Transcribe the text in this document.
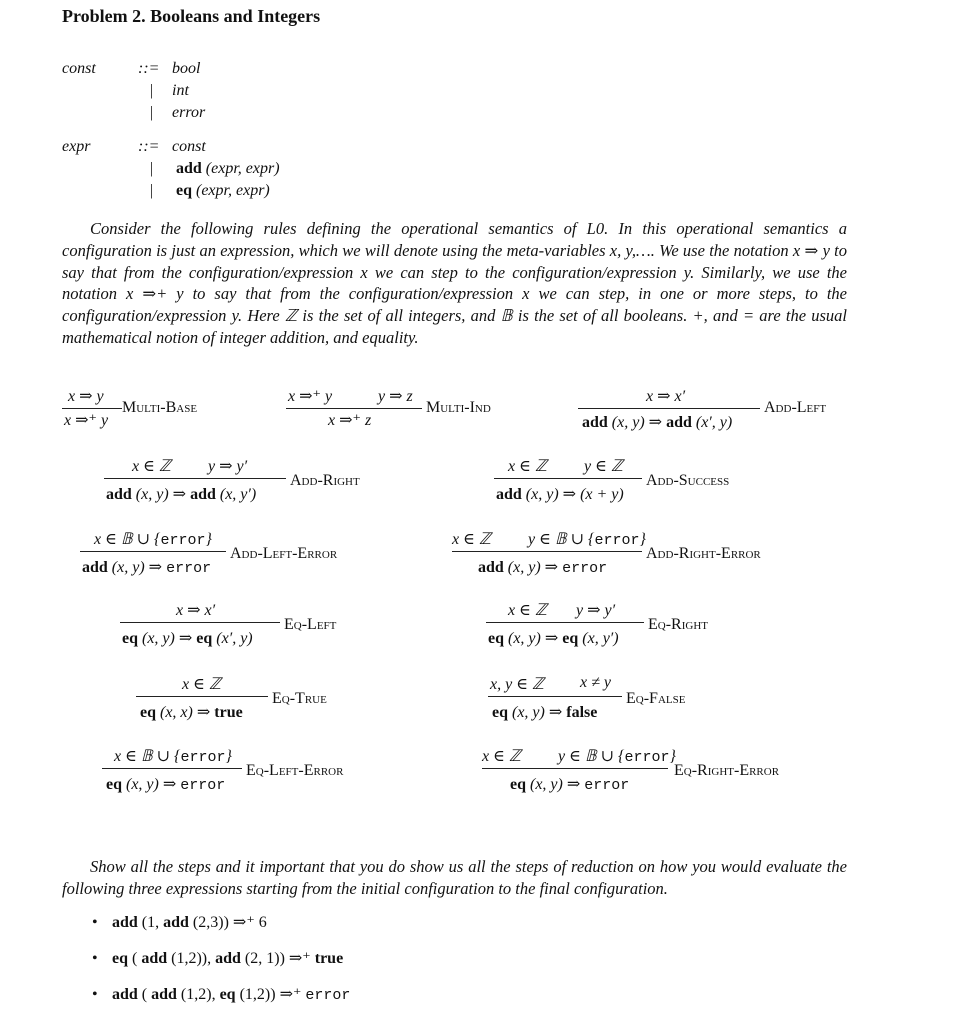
Problem 2. Booleans and Integers
const	::= bool
| int
| error
expr	::= const
| add (expr, expr)
| eq (expr, expr)
Consider the following rules defining the operational semantics of L0. In this operational semantics a configuration is just an expression, which we will denote using the meta-variables x, y,…. We use the notation x ⇒ y to say that from the configuration/expression x we can step to the configuration/expression y. Similarly, we use the notation x ⇒+ y to say that from the configuration/expression x we can step, in one or more steps, to the configuration/expression y. Here ℤ is the set of all integers, and 𝔹 is the set of all booleans. +, and = are the usual mathematical notion of integer addition, and equality.
x ⇒ y
x ⇒⁺ y
Multi-Base
x ⇒⁺ y	y ⇒ z
x ⇒⁺ z
Multi-Ind
x ⇒ x′
add (x, y) ⇒ add (x′, y)
Add-Left
x ∈ ℤ y ⇒ y′
add (x, y) ⇒ add (x, y′)
Add-Right
x ∈ ℤ y ∈ ℤ
add (x, y) ⇒ (x + y)
Add-Success
x ∈ 𝔹 ∪ {error}
add (x, y) ⇒ error
Add-Left-Error
x ∈ ℤ y ∈ 𝔹 ∪ {error}
add (x, y) ⇒ error
Add-Right-Error
x ⇒ x′
eq (x, y) ⇒ eq (x′, y)
Eq-Left
x ∈ ℤ y ⇒ y′
eq (x, y) ⇒ eq (x, y′)
Eq-Right
x ∈ ℤ
eq (x, x) ⇒ true
Eq-True
x, y ∈ ℤ x ≠ y
eq (x, y) ⇒ false
Eq-False
x ∈ 𝔹 ∪ {error}
eq (x, y) ⇒ error
Eq-Left-Error
x ∈ ℤ y ∈ 𝔹 ∪ {error}
eq (x, y) ⇒ error
Eq-Right-Error
Show all the steps and it important that you do show us all the steps of reduction on how you would evaluate the following three expressions starting from the initial configuration to the final configuration.
• add (1, add (2,3)) ⇒⁺ 6
• eq ( add (1,2)), add (2, 1)) ⇒⁺ true
• add ( add (1,2), eq (1,2)) ⇒⁺ error
